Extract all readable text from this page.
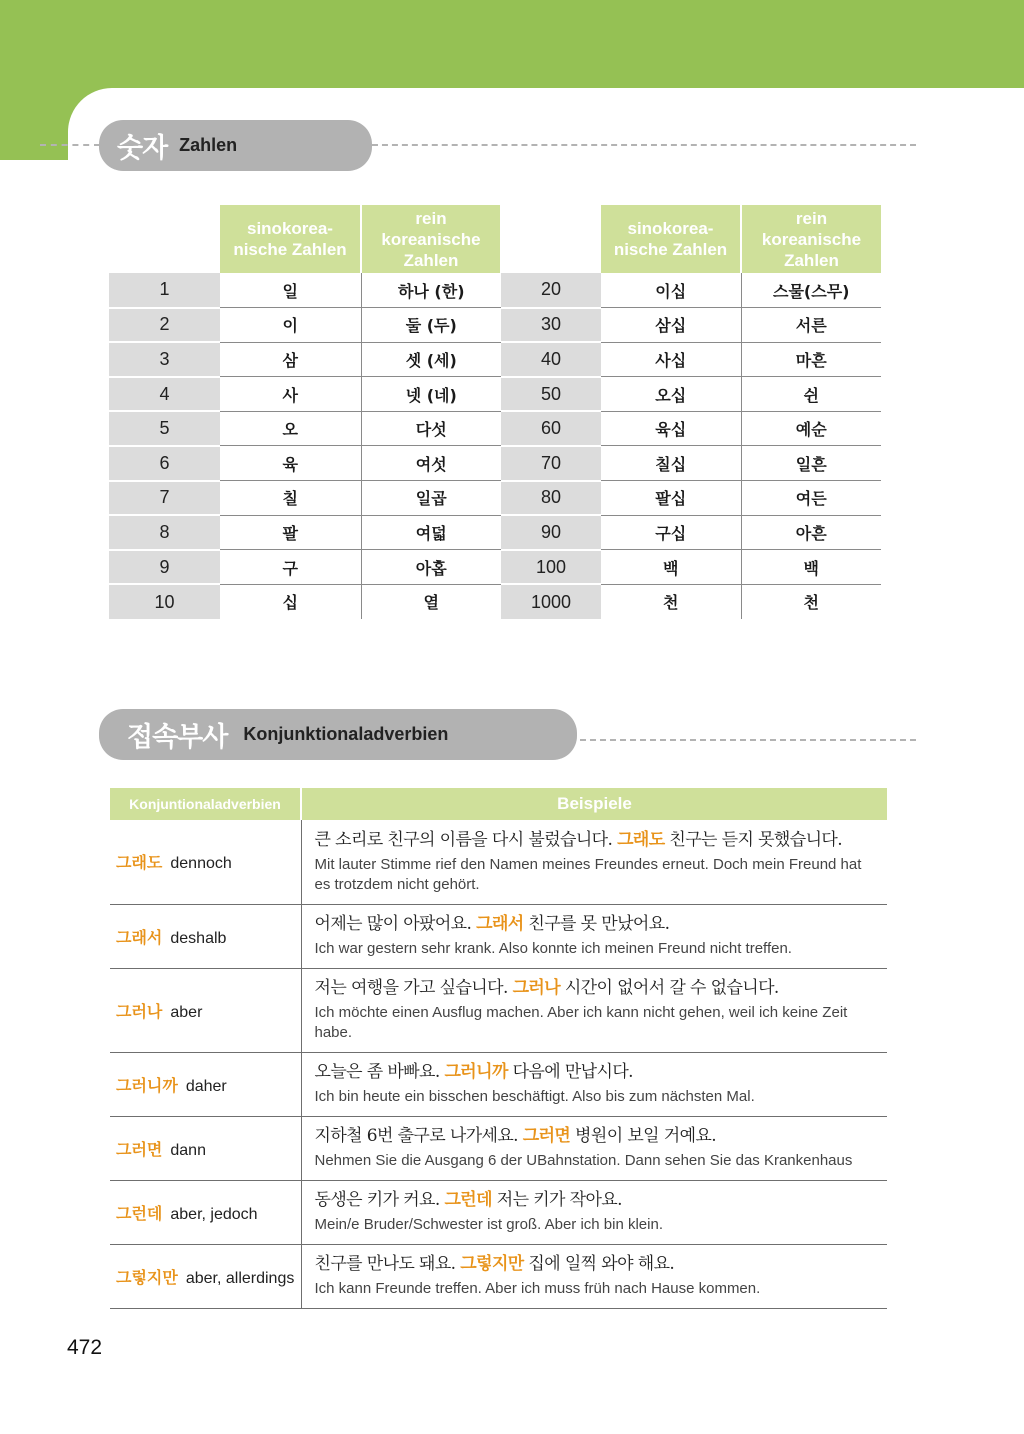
숫자 Zahlen
	sinokorea-nische Zahlen	rein koreanische Zahlen		sinokorea-nische Zahlen	rein koreanische Zahlen
1	일	하나 (한)	20	이십	스물(스무)
2	이	둘 (두)	30	삼십	서른
3	삼	셋 (세)	40	사십	마흔
4	사	넷 (네)	50	오십	쉰
5	오	다섯	60	육십	예순
6	육	여섯	70	칠십	일흔
7	칠	일곱	80	팔십	여든
8	팔	여덟	90	구십	아흔
9	구	아홉	100	백	백
10	십	열	1000	천	천
접속부사 Konjunktionaladverbien
Konjuntionaladverbien	Beispiele
그래도 dennoch	큰 소리로 친구의 이름을 다시 불렀습니다. 그래도 친구는 듣지 못했습니다.
Mit lauter Stimme rief den Namen meines Freundes erneut. Doch mein Freund hat es trotzdem nicht gehört.

그래서 deshalb	어제는 많이 아팠어요. 그래서 친구를 못 만났어요.
Ich war gestern sehr krank. Also konnte ich meinen Freund nicht treffen.

그러나 aber	저는 여행을 가고 싶습니다. 그러나 시간이 없어서 갈 수 없습니다.
Ich möchte einen Ausflug machen. Aber ich kann nicht gehen, weil ich keine Zeit habe.

그러니까 daher	오늘은 좀 바빠요. 그러니까 다음에 만납시다.
Ich bin heute ein bisschen beschäftigt. Also bis zum nächsten Mal.

그러면 dann	지하철 6번 출구로 나가세요. 그러면 병원이 보일 거예요.
Nehmen Sie die Ausgang 6 der UBahnstation. Dann sehen Sie das Krankenhaus

그런데 aber, jedoch	동생은 키가 커요. 그런데 저는 키가 작아요.
Mein/e Bruder/Schwester ist groß. Aber ich bin klein.

그렇지만 aber, allerdings	친구를 만나도 돼요. 그렇지만 집에 일찍 와야 해요.
Ich kann Freunde treffen. Aber ich muss früh nach Hause kommen.
472
